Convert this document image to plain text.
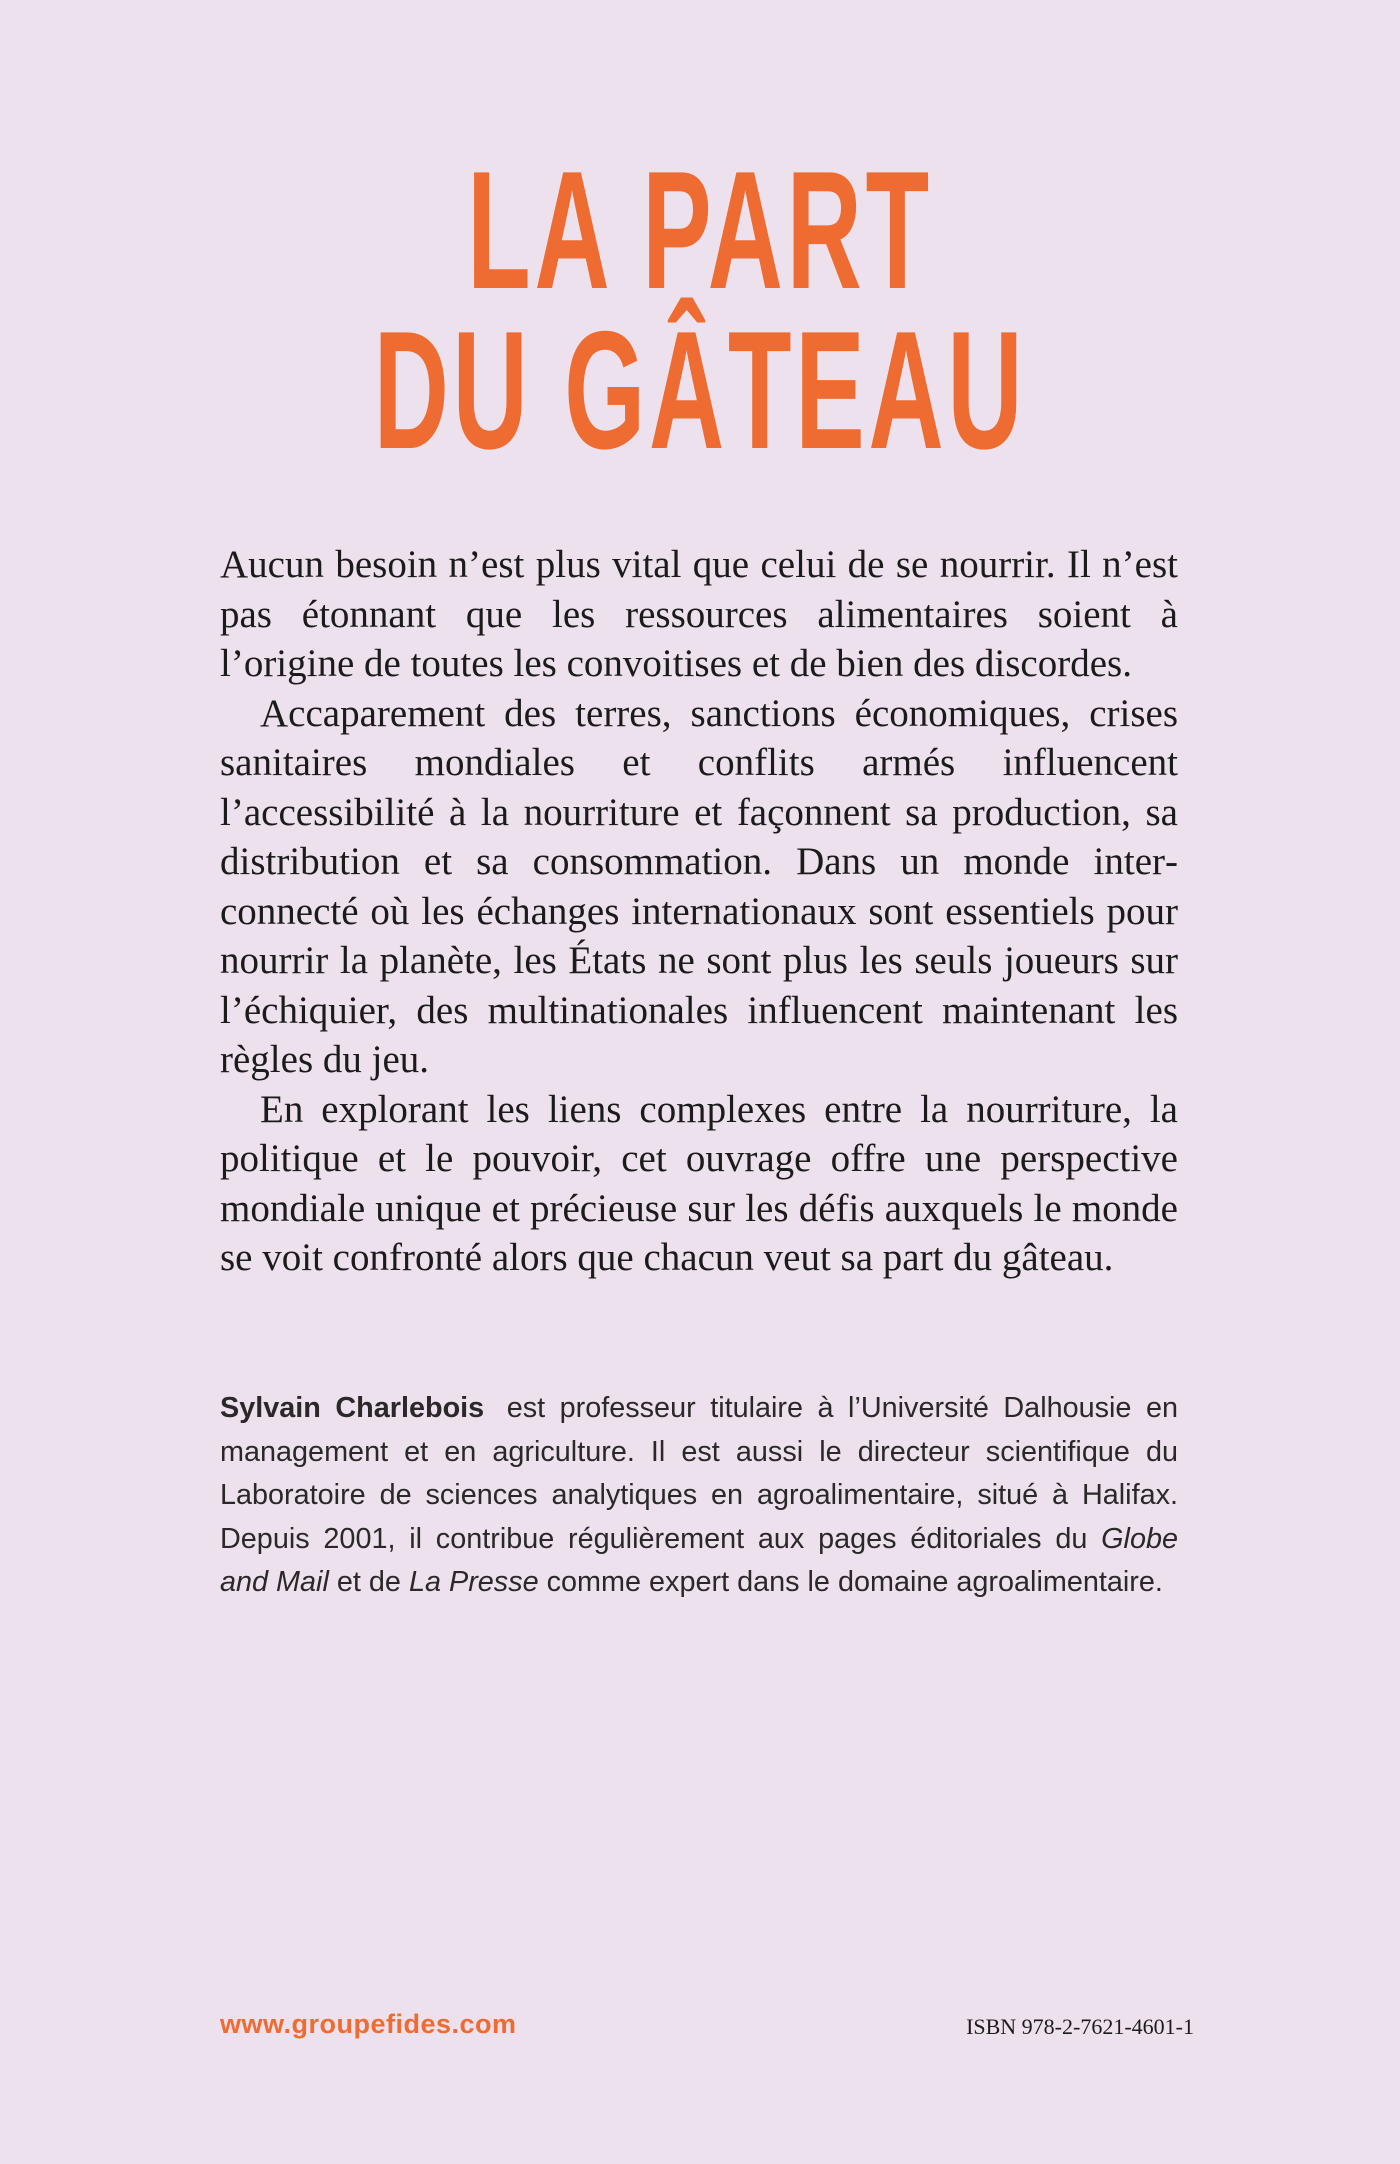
LA PART
DU GÂTEAU

Aucun besoin n’est plus vital que celui de se nourrir. Il n’est pas étonnant que les ressources alimentaires soient à l’origine de toutes les convoitises et de bien des discordes.

Accaparement des terres, sanctions économiques, crises sanitaires mondiales et conflits armés influencent l’accessibilité à la nourriture et façonnent sa production, sa distribution et sa consommation. Dans un monde interconnecté où les échanges internationaux sont essentiels pour nourrir la planète, les États ne sont plus les seuls joueurs sur l’échiquier, des multinationales influencent maintenant les règles du jeu.

En explorant les liens complexes entre la nourriture, la politique et le pouvoir, cet ouvrage offre une perspective mondiale unique et précieuse sur les défis auxquels le monde se voit confronté alors que chacun veut sa part du gâteau.

Sylvain Charlebois est professeur titulaire à l’Université Dalhousie en management et en agriculture. Il est aussi le directeur scientifique du Laboratoire de sciences analytiques en agroalimentaire, situé à Halifax. Depuis 2001, il contribue régulièrement aux pages éditoriales du Globe and Mail et de La Presse comme expert dans le domaine agroalimentaire.

www.groupefides.com	ISBN 978-2-7621-4601-1
